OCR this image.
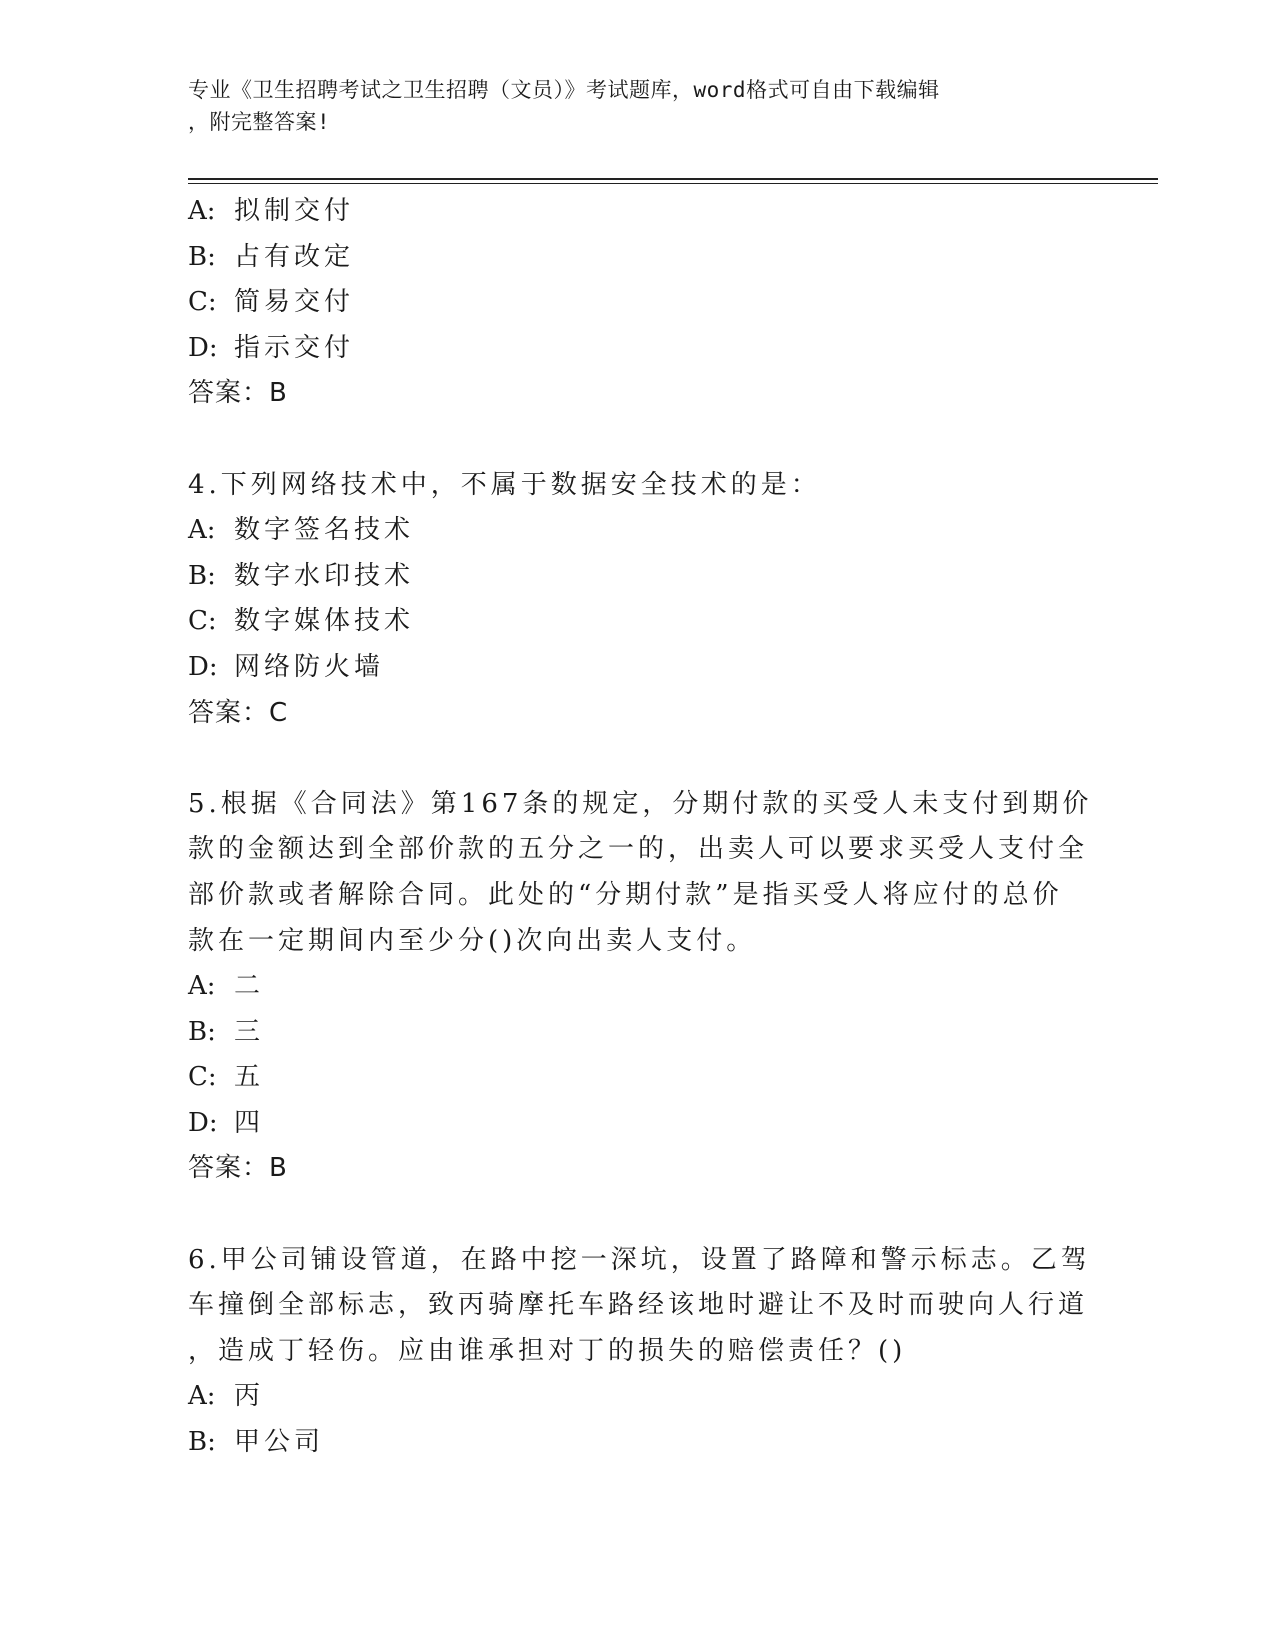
专业《卫生招聘考试之卫生招聘（文员）》考试题库，word格式可自由下载编辑
，附完整答案!
A: 拟制交付
B: 占有改定
C: 简易交付
D: 指示交付
答案：B
4.下列网络技术中，不属于数据安全技术的是：
A: 数字签名技术
B: 数字水印技术
C: 数字媒体技术
D: 网络防火墙
答案：C
5.根据《合同法》第167条的规定，分期付款的买受人未支付到期价
款的金额达到全部价款的五分之一的，出卖人可以要求买受人支付全
部价款或者解除合同。此处的“分期付款”是指买受人将应付的总价
款在一定期间内至少分()次向出卖人支付。
A: 二
B: 三
C: 五
D: 四
答案：B
6.甲公司铺设管道，在路中挖一深坑，设置了路障和警示标志。乙驾
车撞倒全部标志，致丙骑摩托车路经该地时避让不及时而驶向人行道
，造成丁轻伤。应由谁承担对丁的损失的赔偿责任？()
A: 丙
B: 甲公司
